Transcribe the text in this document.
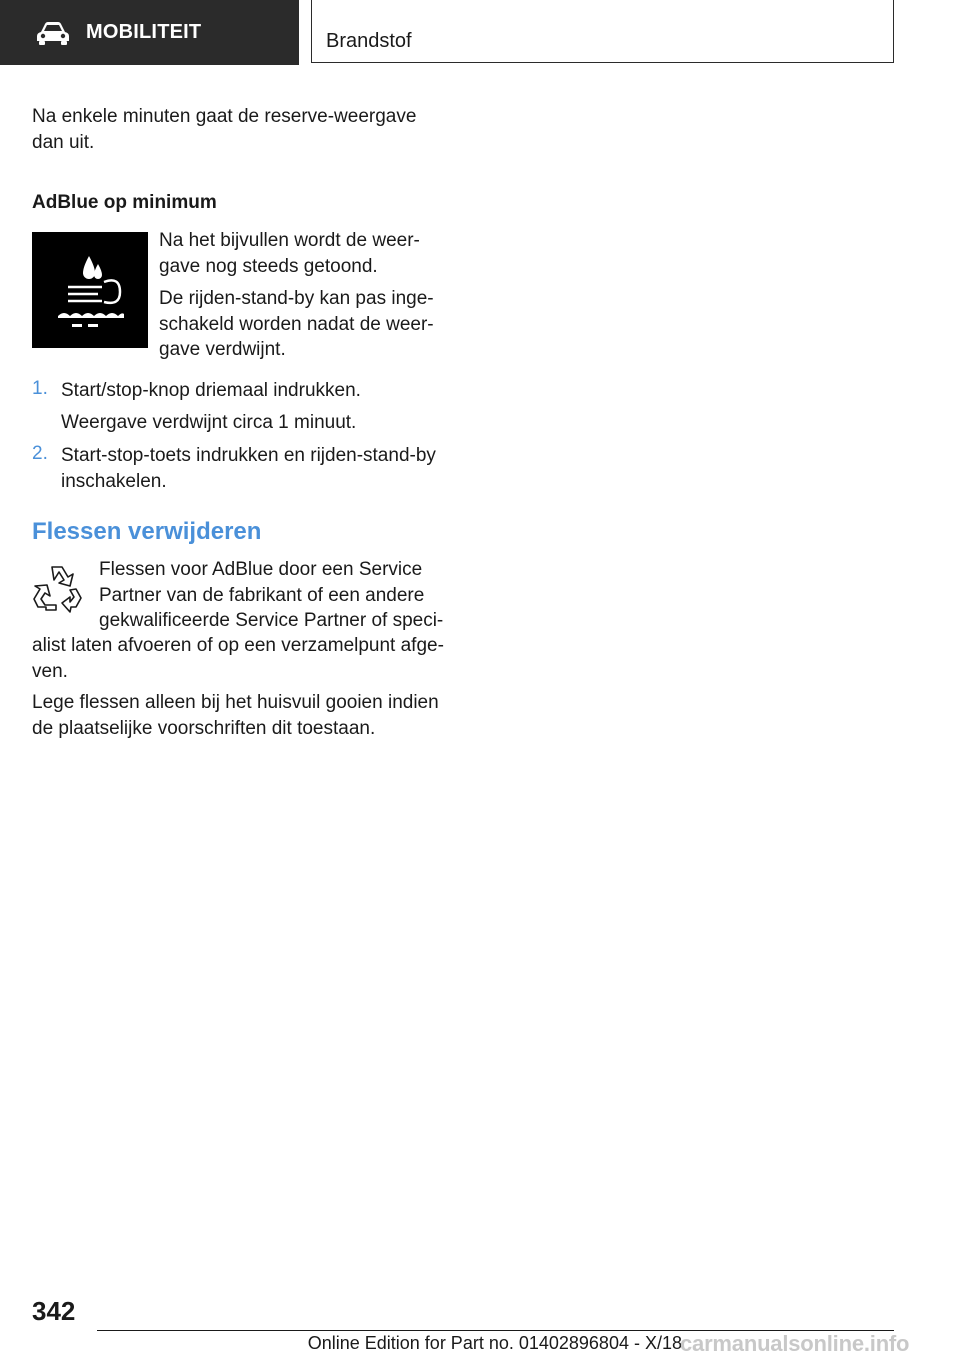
MOBILITEIT	Brandstof
Na enkele minuten gaat de reserve-weergave
dan uit.
AdBlue op minimum
Na het bijvullen wordt de weer-
gave nog steeds getoond.
De rijden-stand-by kan pas inge-
schakeld worden nadat de weer-
gave verdwijnt.
1. Start/stop-knop driemaal indrukken.
Weergave verdwijnt circa 1 minuut.
2. Start-stop-toets indrukken en rijden-stand-by
inschakelen.
Flessen verwijderen
Flessen voor AdBlue door een Service
Partner van de fabrikant of een andere
gekwalificeerde Service Partner of speci-
alist laten afvoeren of op een verzamelpunt afge-
ven.
Lege flessen alleen bij het huisvuil gooien indien
de plaatselijke voorschriften dit toestaan.
342
Online Edition for Part no. 01402896804 - X/18
carmanualsonline.info
